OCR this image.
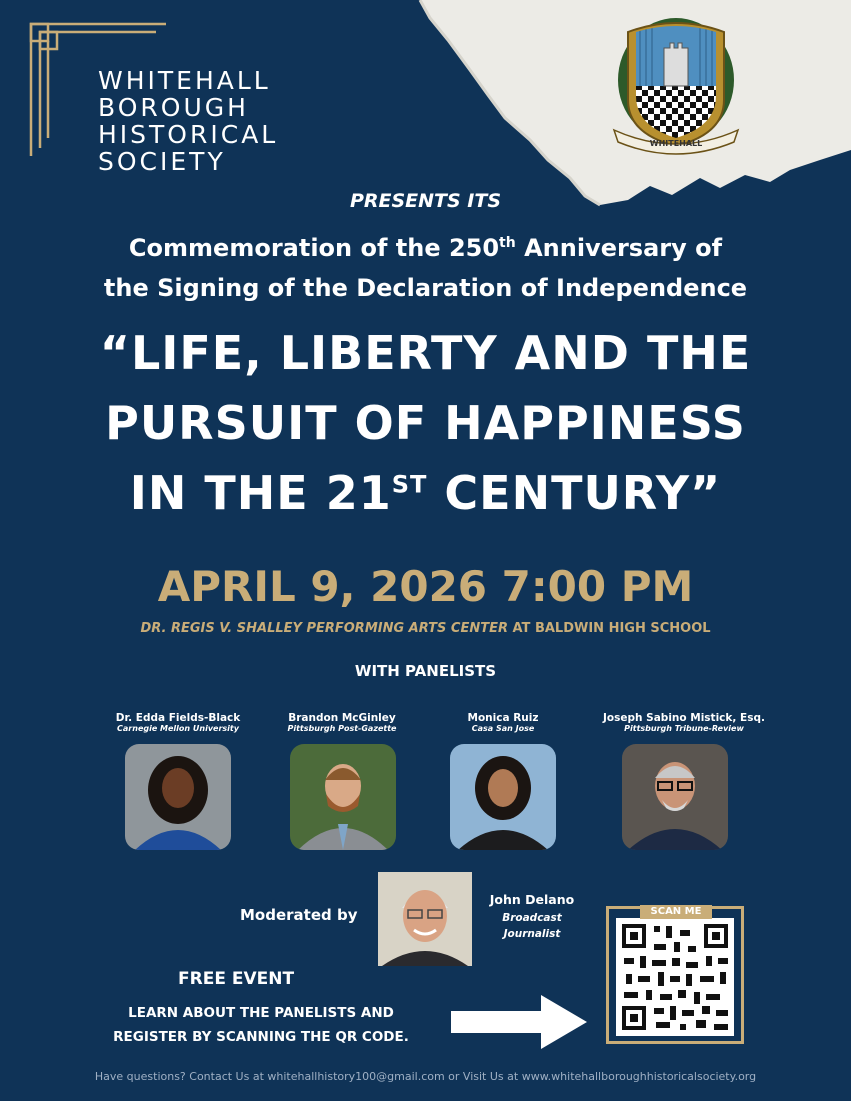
WHITEHALL
BOROUGH
HISTORICAL
SOCIETY
WHITEHALL
PRESENTS ITS
Commemoration of the 250th Anniversary of
the Signing of the Declaration of Independence
“LIFE, LIBERTY AND THE
PURSUIT OF HAPPINESS
IN THE 21ST CENTURY”
APRIL 9, 2026 7:00 PM
DR. REGIS V. SHALLEY PERFORMING ARTS CENTER AT BALDWIN HIGH SCHOOL
WITH PANELISTS
Dr. Edda Fields-Black
Carnegie Mellon University
Brandon McGinley
Pittsburgh Post-Gazette
Monica Ruiz
Casa San Jose
Joseph Sabino Mistick, Esq.
Pittsburgh Tribune-Review
Moderated by
John Delano
Broadcast
Journalist
FREE EVENT
LEARN ABOUT THE PANELISTS AND
REGISTER BY SCANNING THE QR CODE.
SCAN ME
Have questions? Contact Us at whitehallhistory100@gmail.com or Visit Us at www.whitehallboroughhistoricalsociety.org
